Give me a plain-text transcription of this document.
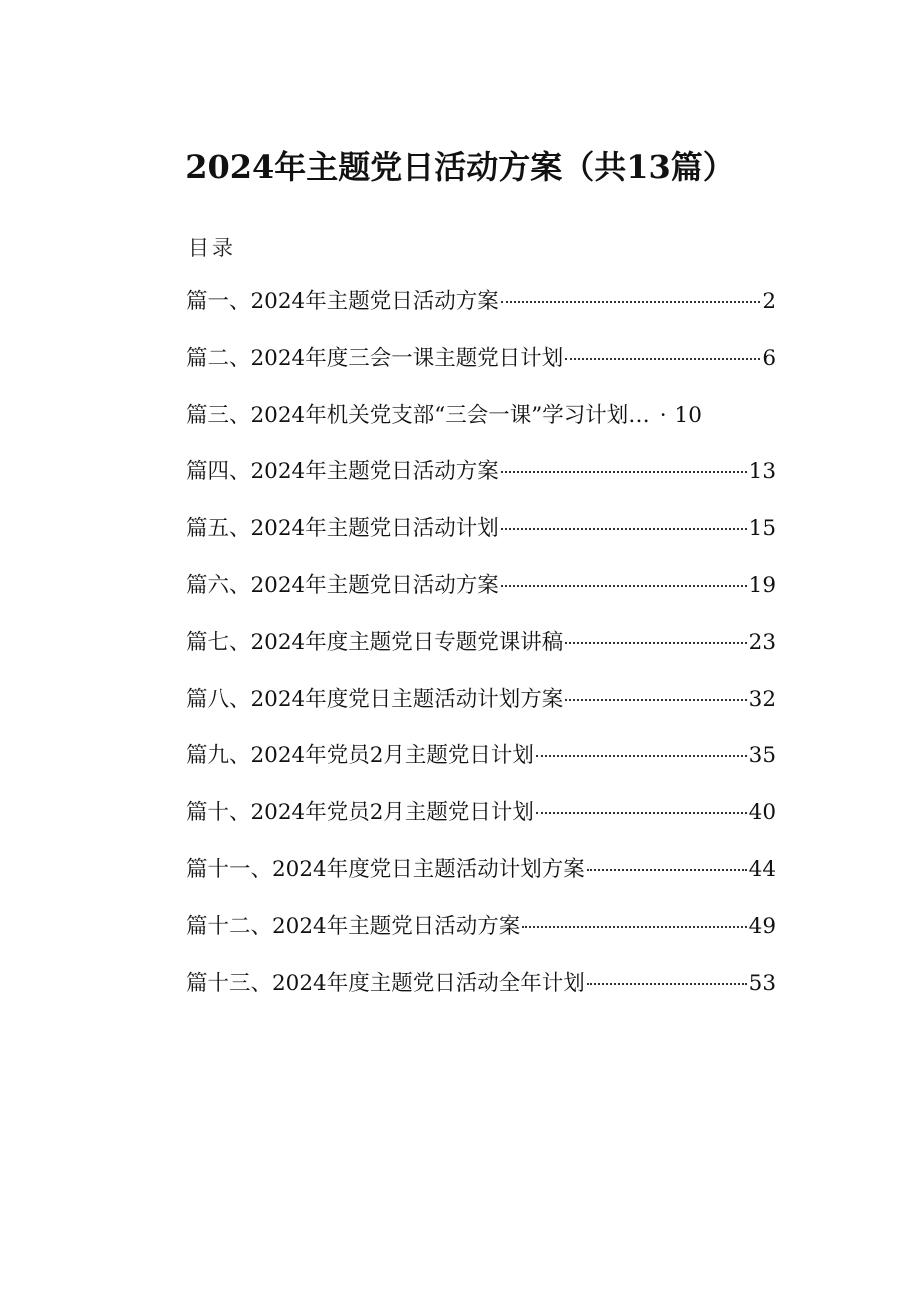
2024年主题党日活动方案（共13篇）
目录
篇一、2024年主题党日活动方案	2
篇二、2024年度三会一课主题党日计划	6
篇三、2024年机关党支部“三会一课”学习计划… · 10
篇四、2024年主题党日活动方案	13
篇五、2024年主题党日活动计划	15
篇六、2024年主题党日活动方案	19
篇七、2024年度主题党日专题党课讲稿	23
篇八、2024年度党日主题活动计划方案	32
篇九、2024年党员2月主题党日计划	35
篇十、2024年党员2月主题党日计划	40
篇十一、2024年度党日主题活动计划方案	44
篇十二、2024年主题党日活动方案	49
篇十三、2024年度主题党日活动全年计划	53
